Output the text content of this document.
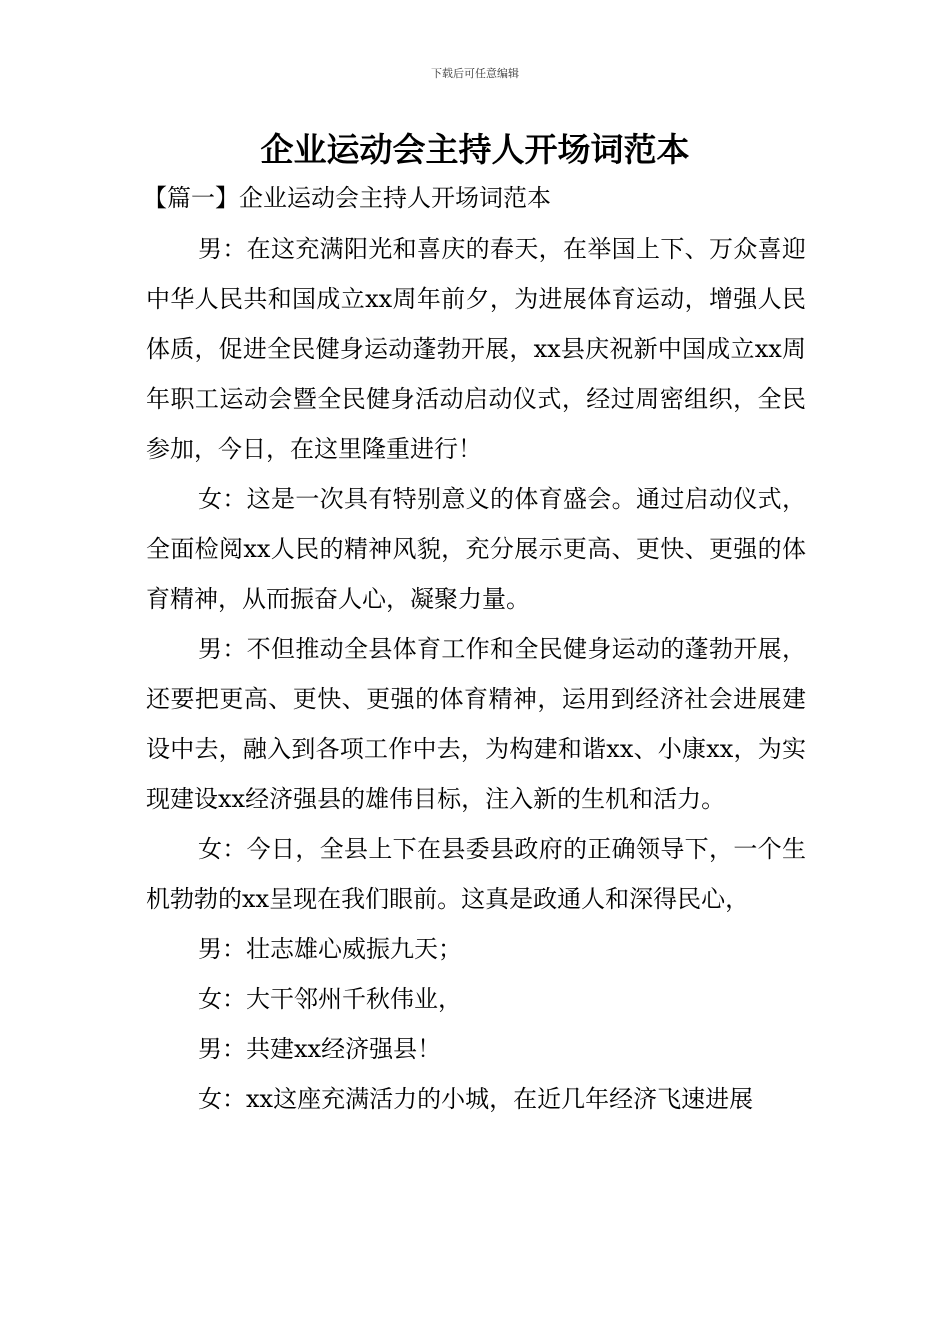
下载后可任意编辑
企业运动会主持人开场词范本
【篇一】企业运动会主持人开场词范本

男：在这充满阳光和喜庆的春天，在举国上下、万众喜迎中华人民共和国成立xx周年前夕，为进展体育运动，增强人民体质，促进全民健身运动蓬勃开展，xx县庆祝新中国成立xx周年职工运动会暨全民健身活动启动仪式，经过周密组织，全民参加，今日，在这里隆重进行！

女：这是一次具有特别意义的体育盛会。通过启动仪式，全面检阅xx人民的精神风貌，充分展示更高、更快、更强的体育精神，从而振奋人心，凝聚力量。

男：不但推动全县体育工作和全民健身运动的蓬勃开展，还要把更高、更快、更强的体育精神，运用到经济社会进展建设中去，融入到各项工作中去，为构建和谐xx、小康xx，为实现建设xx经济强县的雄伟目标，注入新的生机和活力。

女：今日，全县上下在县委县政府的正确领导下，一个生机勃勃的xx呈现在我们眼前。这真是政通人和深得民心，

男：壮志雄心威振九天；

女：大干邻州千秋伟业，

男：共建xx经济强县！

女：xx这座充满活力的小城，在近几年经济飞速进展
